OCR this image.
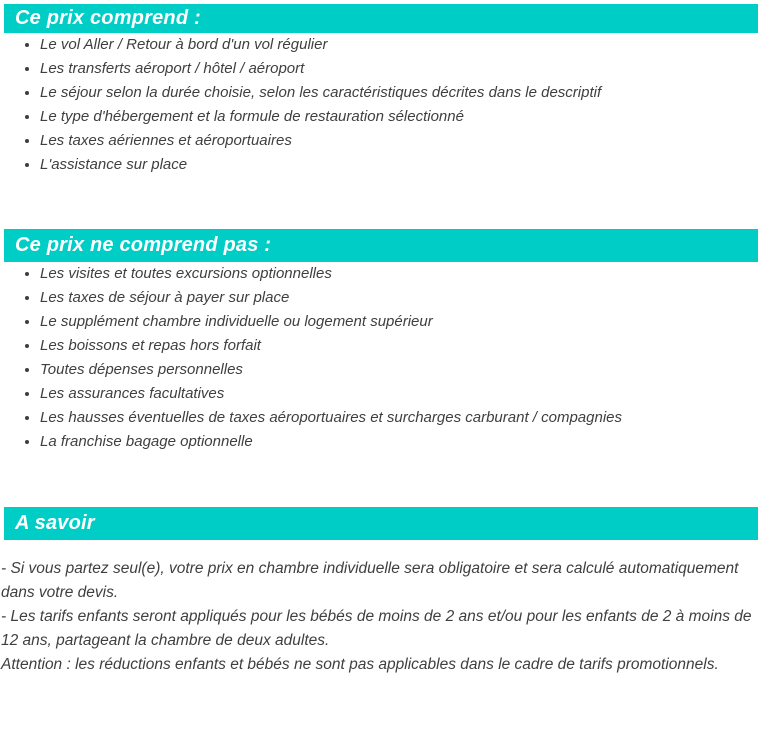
Ce prix comprend :
• Le vol Aller / Retour à bord d'un vol régulier
• Les transferts aéroport / hôtel / aéroport
• Le séjour selon la durée choisie, selon les caractéristiques décrites dans le descriptif
• Le type d'hébergement et la formule de restauration sélectionné
• Les taxes aériennes et aéroportuaires
• L'assistance sur place
Ce prix ne comprend pas :
• Les visites et toutes excursions optionnelles
• Les taxes de séjour à payer sur place
• Le supplément chambre individuelle ou logement supérieur
• Les boissons et repas hors forfait
• Toutes dépenses personnelles
• Les assurances facultatives
• Les hausses éventuelles de taxes aéroportuaires et surcharges carburant / compagnies
• La franchise bagage optionnelle
A savoir

- Si vous partez seul(e), votre prix en chambre individuelle sera obligatoire et sera calculé automatiquement dans votre devis.

- Les tarifs enfants seront appliqués pour les bébés de moins de 2 ans et/ou pour les enfants de 2 à moins de 12 ans, partageant la chambre de deux adultes.

Attention : les réductions enfants et bébés ne sont pas applicables dans le cadre de tarifs promotionnels.
